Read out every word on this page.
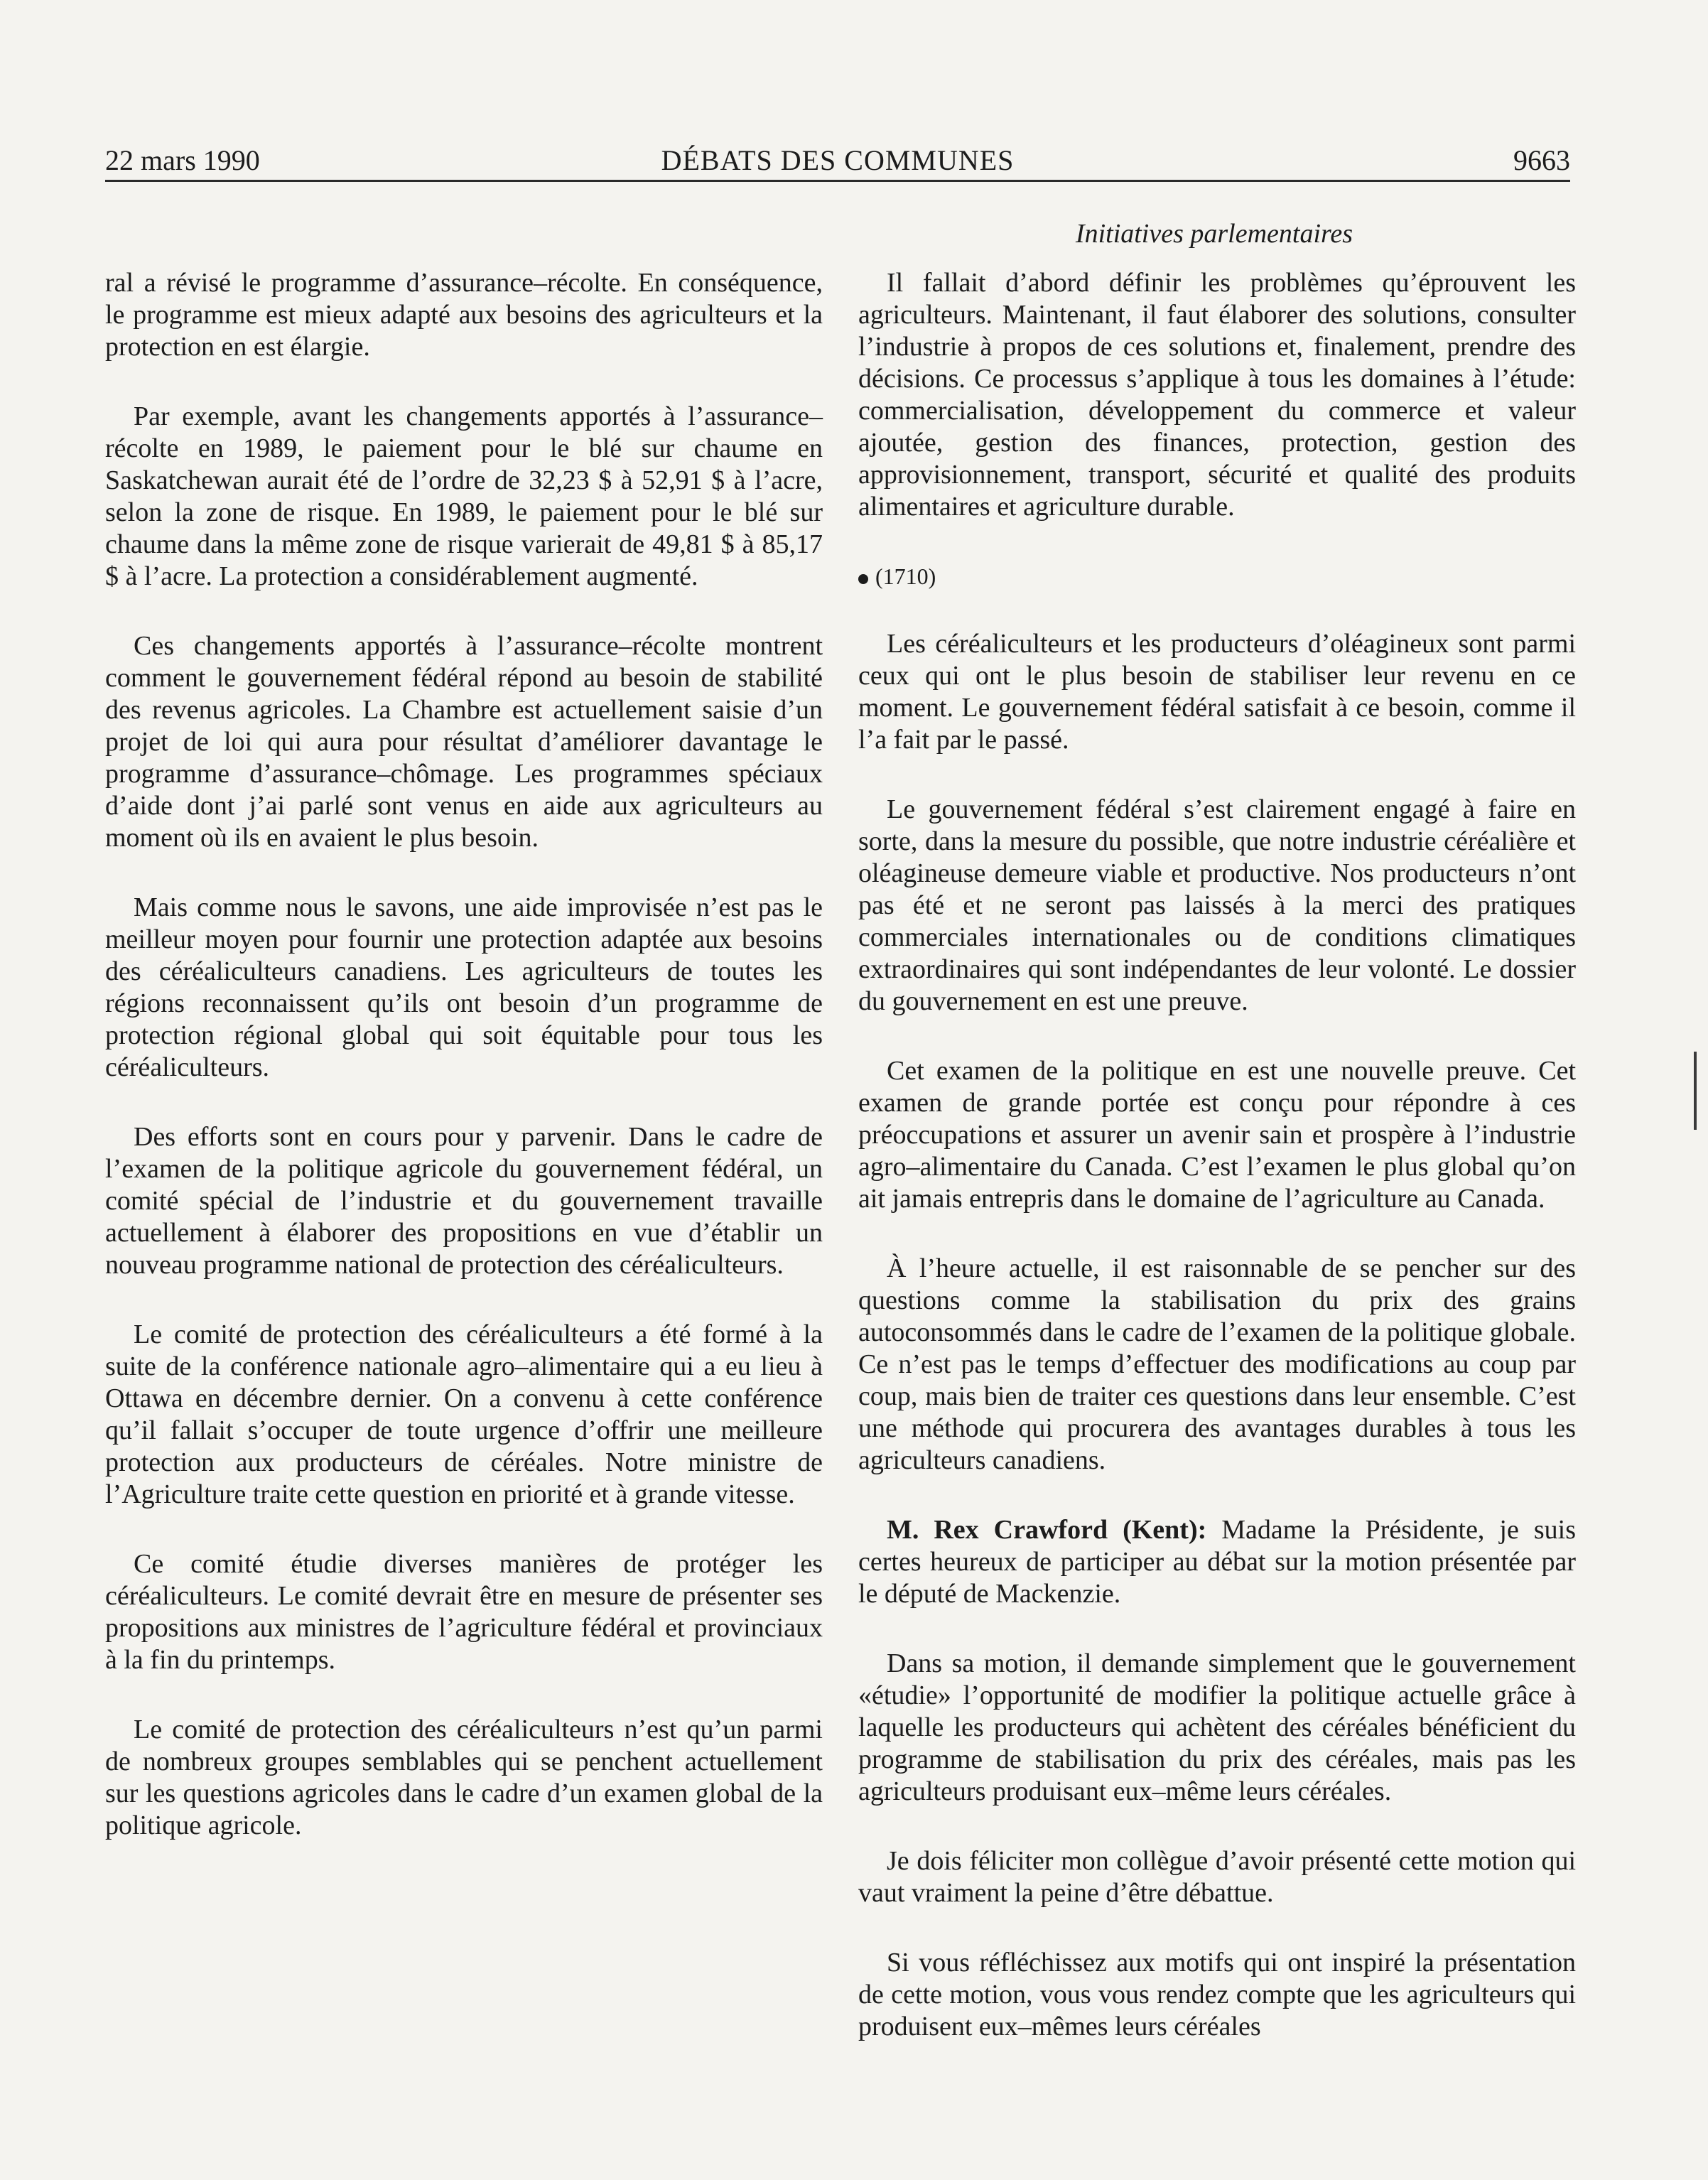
22 mars 1990	DÉBATS DES COMMUNES	9663
Initiatives parlementaires

ral a révisé le programme d’assurance–récolte. En conséquence, le programme est mieux adapté aux besoins des agriculteurs et la protection en est élargie.

Par exemple, avant les changements apportés à l’assurance–récolte en 1989, le paiement pour le blé sur chaume en Saskatchewan aurait été de l’ordre de 32,23 $ à 52,91 $ à l’acre, selon la zone de risque. En 1989, le paiement pour le blé sur chaume dans la même zone de risque varierait de 49,81 $ à 85,17 $ à l’acre. La protection a considérablement augmenté.

Ces changements apportés à l’assurance–récolte montrent comment le gouvernement fédéral répond au besoin de stabilité des revenus agricoles. La Chambre est actuellement saisie d’un projet de loi qui aura pour résultat d’améliorer davantage le programme d’assurance–chômage. Les programmes spéciaux d’aide dont j’ai parlé sont venus en aide aux agriculteurs au moment où ils en avaient le plus besoin.

Mais comme nous le savons, une aide improvisée n’est pas le meilleur moyen pour fournir une protection adaptée aux besoins des céréaliculteurs canadiens. Les agriculteurs de toutes les régions reconnaissent qu’ils ont besoin d’un programme de protection régional global qui soit équitable pour tous les céréaliculteurs.

Des efforts sont en cours pour y parvenir. Dans le cadre de l’examen de la politique agricole du gouvernement fédéral, un comité spécial de l’industrie et du gouvernement travaille actuellement à élaborer des propositions en vue d’établir un nouveau programme national de protection des céréaliculteurs.

Le comité de protection des céréaliculteurs a été formé à la suite de la conférence nationale agro–alimentaire qui a eu lieu à Ottawa en décembre dernier. On a convenu à cette conférence qu’il fallait s’occuper de toute urgence d’offrir une meilleure protection aux producteurs de céréales. Notre ministre de l’Agriculture traite cette question en priorité et à grande vitesse.

Ce comité étudie diverses manières de protéger les céréaliculteurs. Le comité devrait être en mesure de présenter ses propositions aux ministres de l’agriculture fédéral et provinciaux à la fin du printemps.

Le comité de protection des céréaliculteurs n’est qu’un parmi de nombreux groupes semblables qui se penchent actuellement sur les questions agricoles dans le cadre d’un examen global de la politique agricole.

Il fallait d’abord définir les problèmes qu’éprouvent les agriculteurs. Maintenant, il faut élaborer des solutions, consulter l’industrie à propos de ces solutions et, finalement, prendre des décisions. Ce processus s’applique à tous les domaines à l’étude: commercialisation, développement du commerce et valeur ajoutée, gestion des finances, protection, gestion des approvisionnement, transport, sécurité et qualité des produits alimentaires et agriculture durable.

(1710)

Les céréaliculteurs et les producteurs d’oléagineux sont parmi ceux qui ont le plus besoin de stabiliser leur revenu en ce moment. Le gouvernement fédéral satisfait à ce besoin, comme il l’a fait par le passé.

Le gouvernement fédéral s’est clairement engagé à faire en sorte, dans la mesure du possible, que notre industrie céréalière et oléagineuse demeure viable et productive. Nos producteurs n’ont pas été et ne seront pas laissés à la merci des pratiques commerciales internationales ou de conditions climatiques extraordinaires qui sont indépendantes de leur volonté. Le dossier du gouvernement en est une preuve.

Cet examen de la politique en est une nouvelle preuve. Cet examen de grande portée est conçu pour répondre à ces préoccupations et assurer un avenir sain et prospère à l’industrie agro–alimentaire du Canada. C’est l’examen le plus global qu’on ait jamais entrepris dans le domaine de l’agriculture au Canada.

À l’heure actuelle, il est raisonnable de se pencher sur des questions comme la stabilisation du prix des grains autoconsommés dans le cadre de l’examen de la politique globale. Ce n’est pas le temps d’effectuer des modifications au coup par coup, mais bien de traiter ces questions dans leur ensemble. C’est une méthode qui procurera des avantages durables à tous les agriculteurs canadiens.

M. Rex Crawford (Kent): Madame la Présidente, je suis certes heureux de participer au débat sur la motion présentée par le député de Mackenzie.

Dans sa motion, il demande simplement que le gouvernement «étudie» l’opportunité de modifier la politique actuelle grâce à laquelle les producteurs qui achètent des céréales bénéficient du programme de stabilisation du prix des céréales, mais pas les agriculteurs produisant eux–même leurs céréales.

Je dois féliciter mon collègue d’avoir présenté cette motion qui vaut vraiment la peine d’être débattue.

Si vous réfléchissez aux motifs qui ont inspiré la présentation de cette motion, vous vous rendez compte que les agriculteurs qui produisent eux–mêmes leurs céréales
